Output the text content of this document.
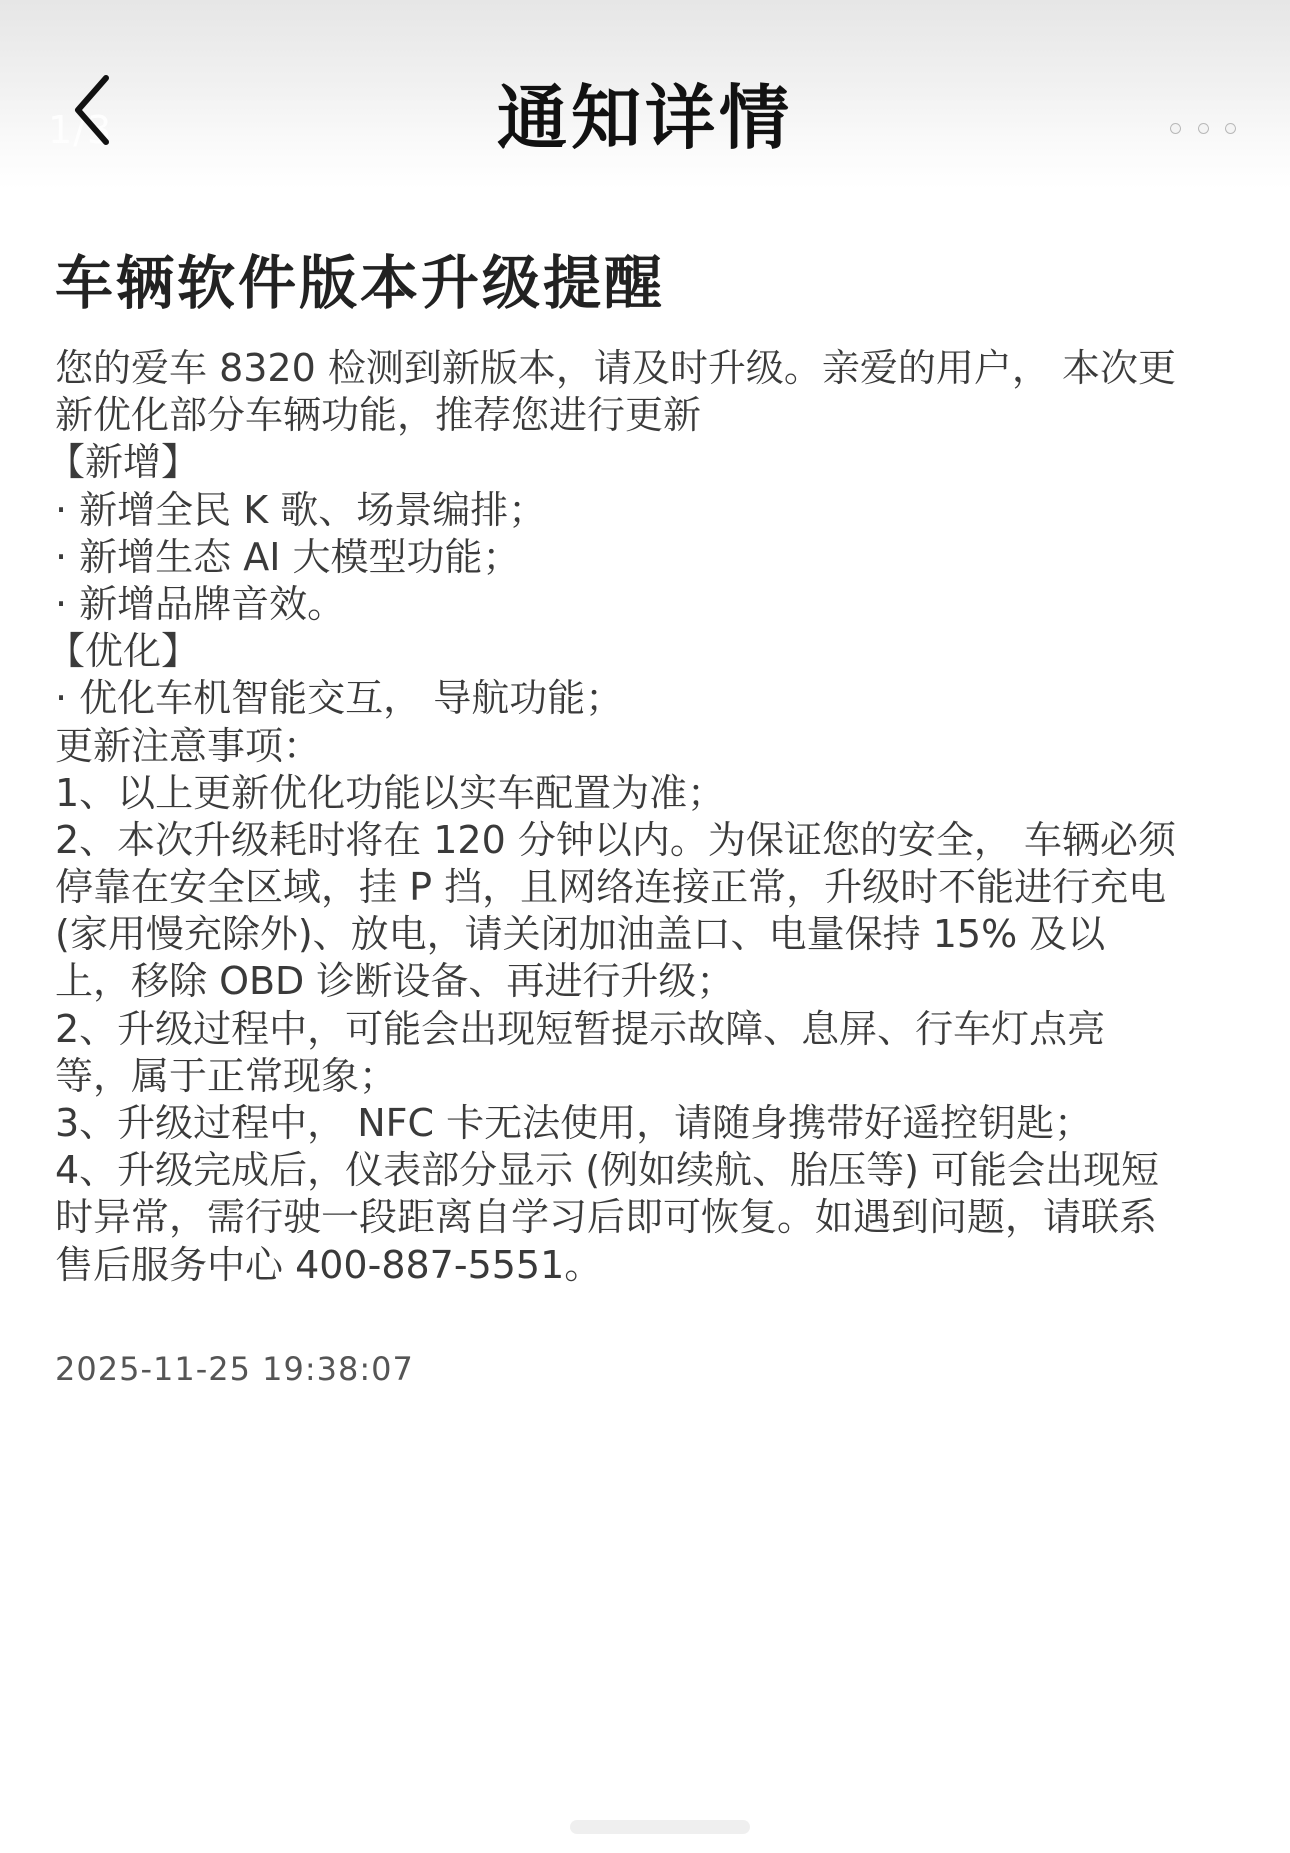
1/3	通知详情
车辆软件版本升级提醒
您的爱车 8320 检测到新版本，请及时升级。亲爱的用户， 本次更
新优化部分车辆功能，推荐您进行更新
【新增】
· 新增全民 K 歌、场景编排；
· 新增生态 AI 大模型功能；
· 新增品牌音效。
【优化】
· 优化车机智能交互， 导航功能；
更新注意事项：
1、以上更新优化功能以实车配置为准；
2、本次升级耗时将在 120 分钟以内。为保证您的安全， 车辆必须
停靠在安全区域，挂 P 挡，且网络连接正常，升级时不能进行充电
(家用慢充除外)、放电，请关闭加油盖口、电量保持 15% 及以
上，移除 OBD 诊断设备、再进行升级；
2、升级过程中，可能会出现短暂提示故障、息屏、行车灯点亮
等，属于正常现象；
3、升级过程中， NFC 卡无法使用，请随身携带好遥控钥匙；
4、升级完成后，仪表部分显示 (例如续航、胎压等) 可能会出现短
时异常，需行驶一段距离自学习后即可恢复。如遇到问题，请联系
售后服务中心 400-887-5551。
2025-11-25 19:38:07
